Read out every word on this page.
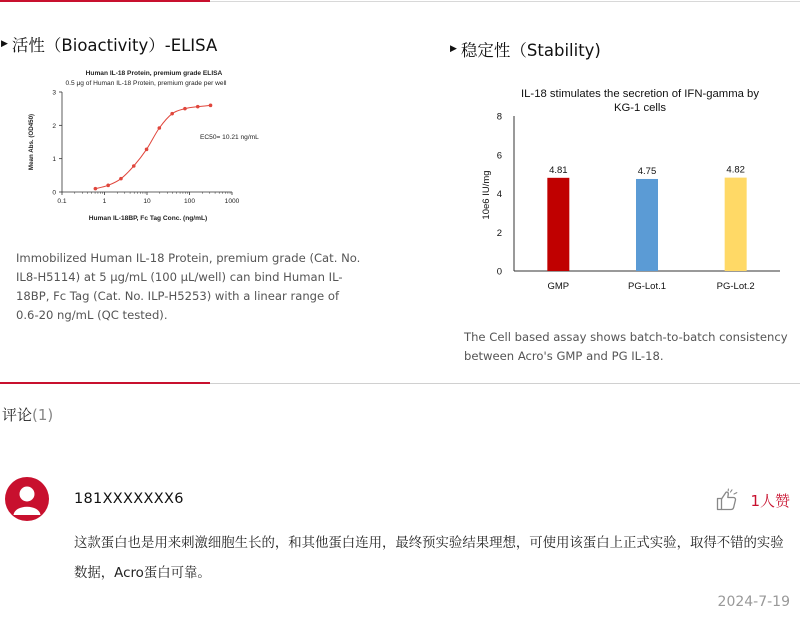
▶ 活性（Bioactivity）-ELISA	▶ 稳定性（Stability)
Human IL-18 Protein, premium grade ELISA
0.5 μg of Human IL-18 Protein, premium grade per well
0
1
2
3
0.1	1	10	100	1000
EC50= 10.21 ng/mL
Mean Abs. (OD450)
Human IL-18BP, Fc Tag Conc. (ng/mL)
Immobilized Human IL-18 Protein, premium grade (Cat. No. IL8-H5114) at 5 μg/mL (100 μL/well) can bind Human IL-18BP, Fc Tag (Cat. No. ILP-H5253) with a linear range of 0.6-20 ng/mL (QC tested).
IL-18 stimulates the secretion of IFN-gamma by
KG-1 cells
0
2
4
6
8
4.81
GMP
4.75
PG-Lot.1
4.82
PG-Lot.2
10e6 IU/mg
The Cell based assay shows batch-to-batch consistency between Acro's GMP and PG IL-18.
评论(1)
181XXXXXXX6	1人赞
这款蛋白也是用来刺激细胞生长的，和其他蛋白连用，最终预实验结果理想，可使用该蛋白上正式实验，取得不错的实验数据，Acro蛋白可靠。
2024-7-19
